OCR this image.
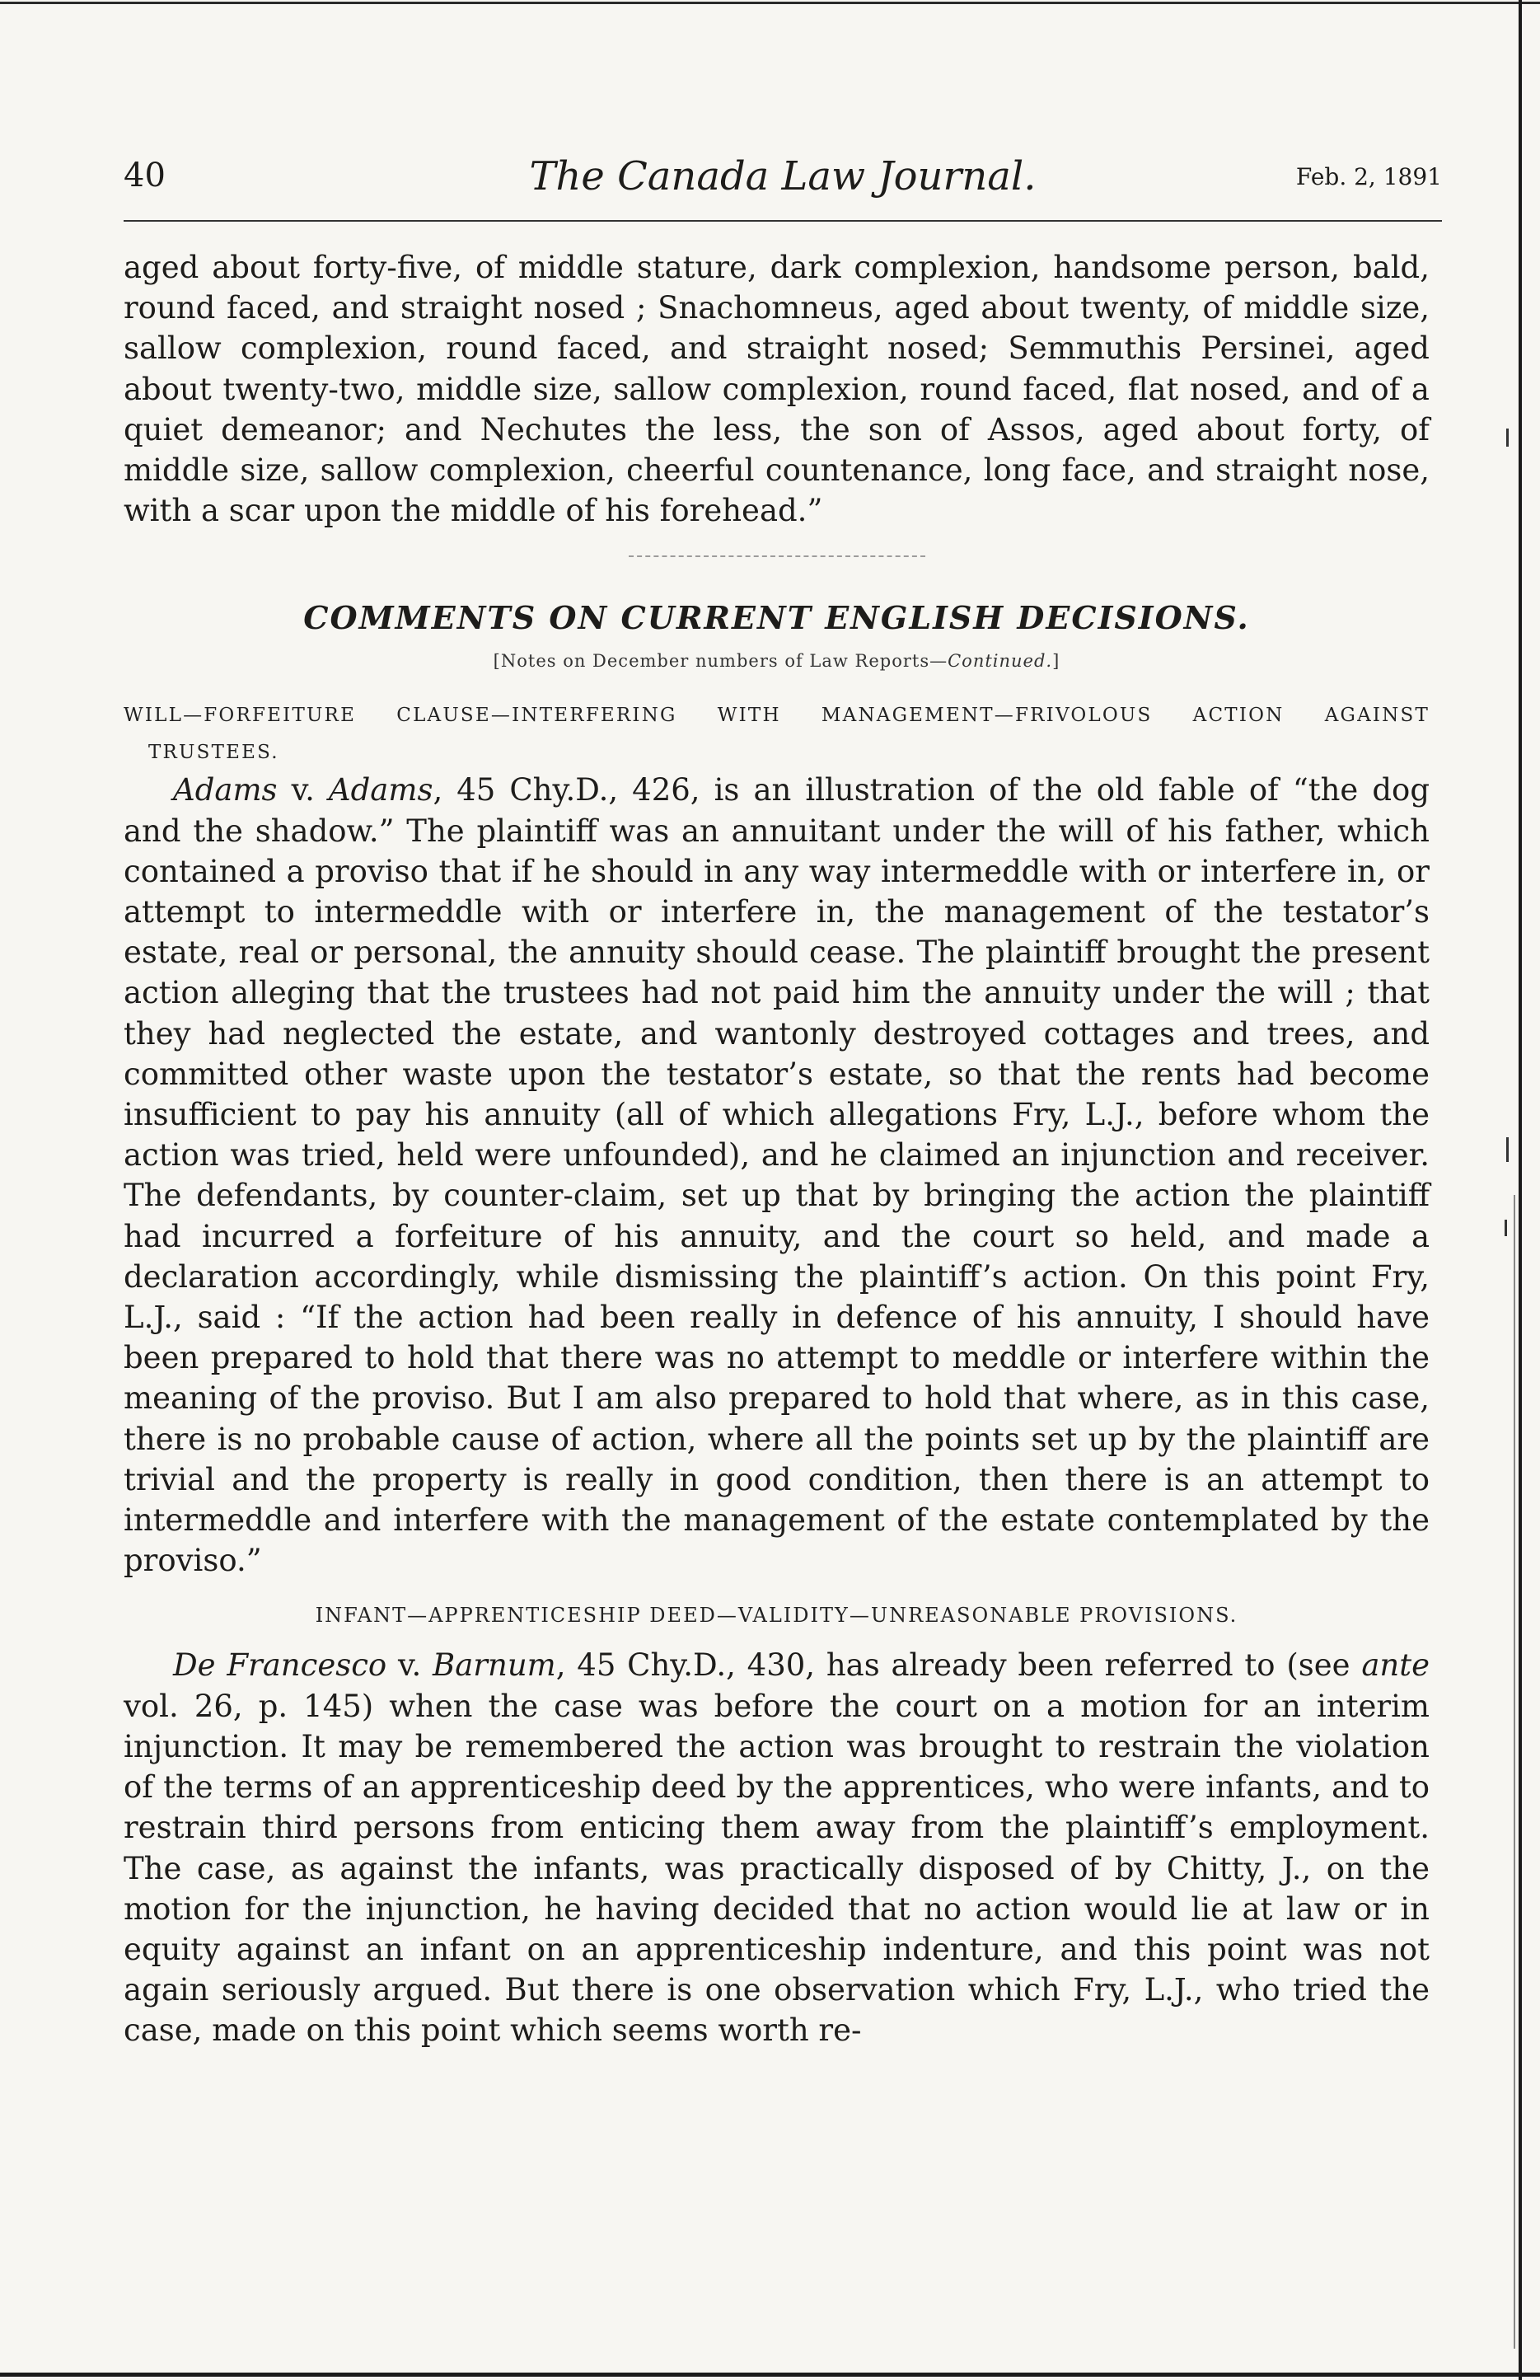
40	The Canada Law Journal.	Feb. 2, 1891

aged about forty-five, of middle stature, dark complexion, handsome person, bald, round faced, and straight nosed ; Snachomneus, aged about twenty, of middle size, sallow complexion, round faced, and straight nosed; Semmuthis Persinei, aged about twenty-two, middle size, sallow complexion, round faced, flat nosed, and of a quiet demeanor; and Nechutes the less, the son of Assos, aged about forty, of middle size, sallow complexion, cheerful countenance, long face, and straight nose, with a scar upon the middle of his forehead.”

COMMENTS ON CURRENT ENGLISH DECISIONS.
[Notes on December numbers of Law Reports—Continued.]
WILL—FORFEITURE CLAUSE—INTERFERING WITH MANAGEMENT—FRIVOLOUS ACTION AGAINST
TRUSTEES.

Adams v. Adams, 45 Chy.D., 426, is an illustration of the old fable of “the dog and the shadow.” The plaintiff was an annuitant under the will of his father, which contained a proviso that if he should in any way intermeddle with or interfere in, or attempt to intermeddle with or interfere in, the management of the testator’s estate, real or personal, the annuity should cease. The plaintiff brought the present action alleging that the trustees had not paid him the annuity under the will ; that they had neglected the estate, and wantonly destroyed cottages and trees, and committed other waste upon the testator’s estate, so that the rents had become insufficient to pay his annuity (all of which allegations Fry, L.J., before whom the action was tried, held were unfounded), and he claimed an injunction and receiver. The defendants, by counter-claim, set up that by bringing the action the plaintiff had incurred a forfeiture of his annuity, and the court so held, and made a declaration accordingly, while dismissing the plaintiff’s action. On this point Fry, L.J., said : “If the action had been really in defence of his annuity, I should have been prepared to hold that there was no attempt to meddle or interfere within the meaning of the proviso. But I am also prepared to hold that where, as in this case, there is no probable cause of action, where all the points set up by the plaintiff are trivial and the property is really in good condition, then there is an attempt to intermeddle and interfere with the management of the estate contemplated by the proviso.”

INFANT—APPRENTICESHIP DEED—VALIDITY—UNREASONABLE PROVISIONS.

De Francesco v. Barnum, 45 Chy.D., 430, has already been referred to (see ante vol. 26, p. 145) when the case was before the court on a motion for an interim injunction. It may be remembered the action was brought to restrain the violation of the terms of an apprenticeship deed by the apprentices, who were infants, and to restrain third persons from enticing them away from the plaintiff’s employment. The case, as against the infants, was practically disposed of by Chitty, J., on the motion for the injunction, he having decided that no action would lie at law or in equity against an infant on an apprenticeship indenture, and this point was not again seriously argued. But there is one observation which Fry, L.J., who tried the case, made on this point which seems worth re-
